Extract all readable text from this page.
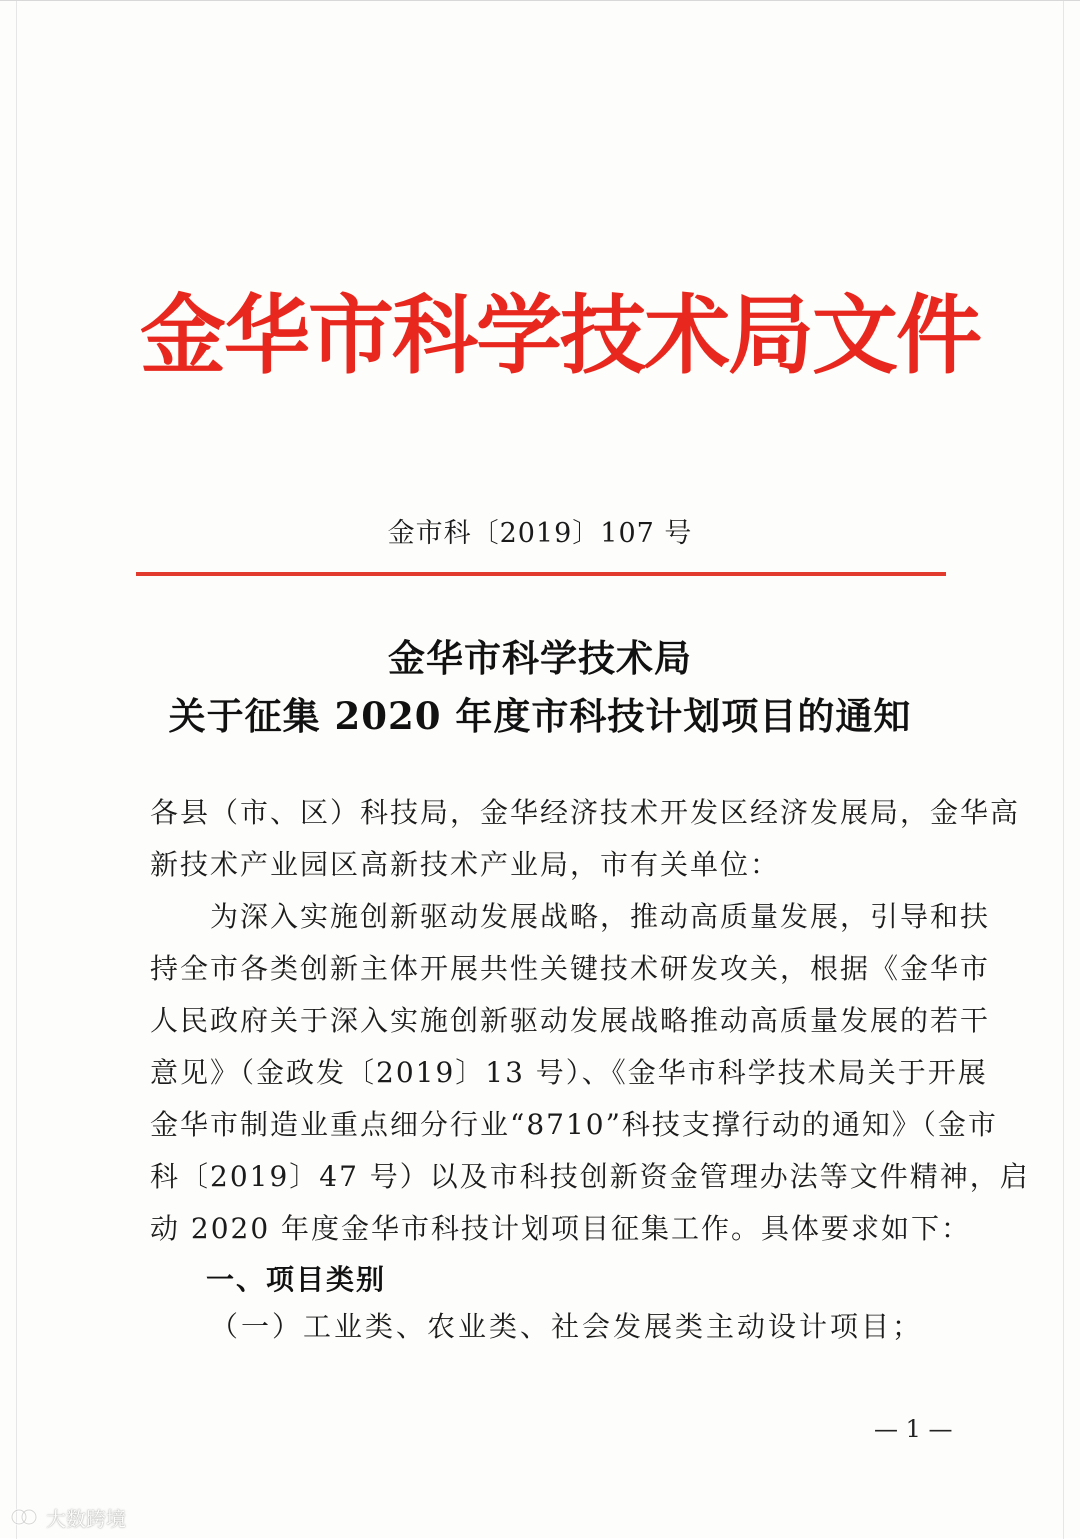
金华市科学技术局文件
金市科〔2019〕107 号
金华市科学技术局
关于征集 2020 年度市科技计划项目的通知
各县（市、区）科技局，金华经济技术开发区经济发展局，金华高
新技术产业园区高新技术产业局，市有关单位：
　　为深入实施创新驱动发展战略，推动高质量发展，引导和扶
持全市各类创新主体开展共性关键技术研发攻关，根据《金华市
人民政府关于深入实施创新驱动发展战略推动高质量发展的若干
意见》（金政发〔2019〕13 号）、《金华市科学技术局关于开展
金华市制造业重点细分行业“8710”科技支撑行动的通知》（金市
科〔2019〕47 号）以及市科技创新资金管理办法等文件精神，启
动 2020 年度金华市科技计划项目征集工作。具体要求如下：
一、项目类别
（一）工业类、农业类、社会发展类主动设计项目；
— 1 —
大数跨境
